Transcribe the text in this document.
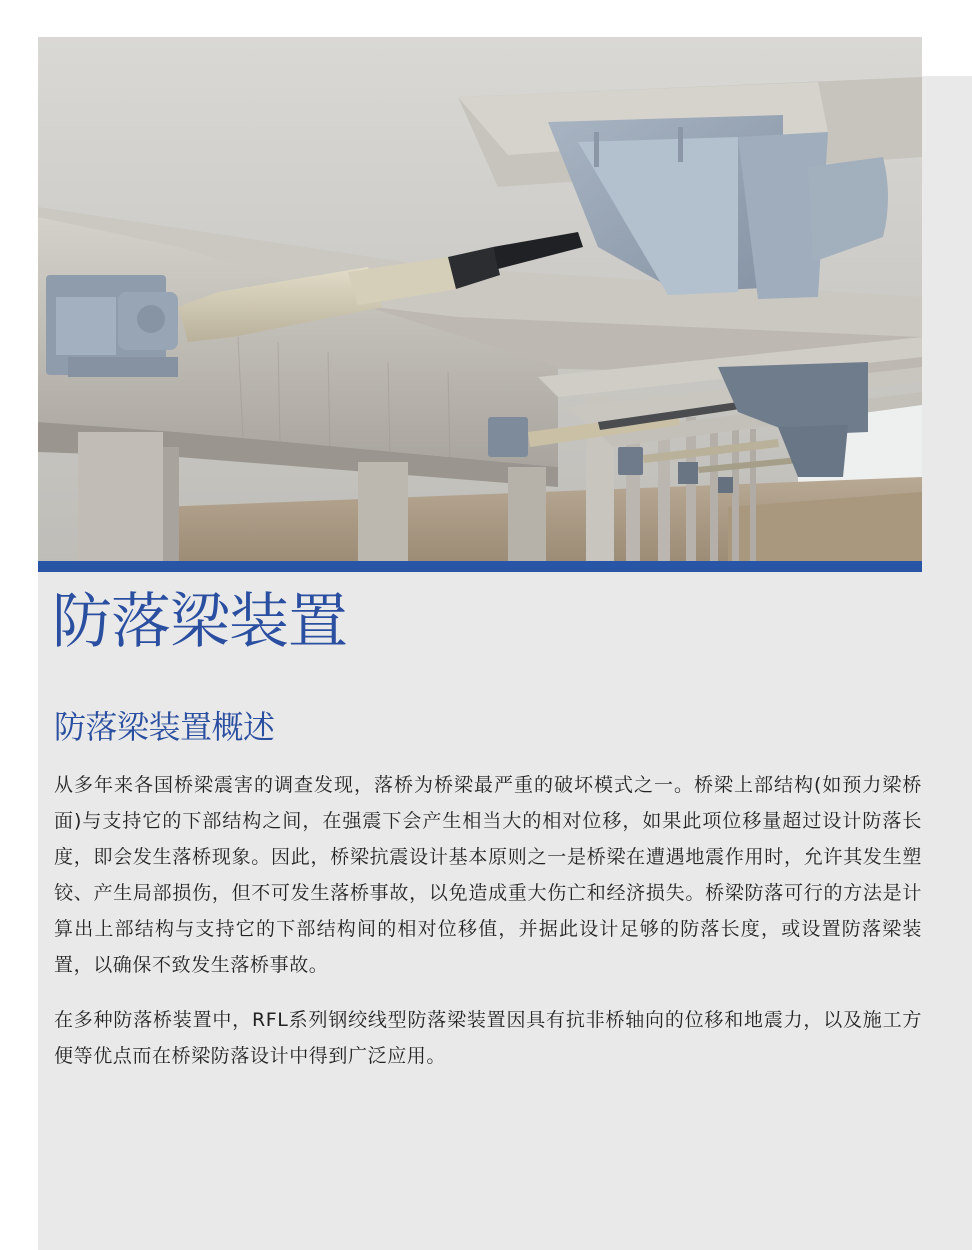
防落梁装置
防落梁装置概述

从多年来各国桥梁震害的调查发现，落桥为桥梁最严重的破坏模式之一。桥梁上部结构(如预力梁桥面)与支持它的下部结构之间，在强震下会产生相当大的相对位移，如果此项位移量超过设计防落长度，即会发生落桥现象。因此，桥梁抗震设计基本原则之一是桥梁在遭遇地震作用时，允许其发生塑铰、产生局部损伤，但不可发生落桥事故，以免造成重大伤亡和经济损失。桥梁防落可行的方法是计算出上部结构与支持它的下部结构间的相对位移值，并据此设计足够的防落长度，或设置防落梁装置，以确保不致发生落桥事故。

在多种防落桥装置中，RFL系列钢绞线型防落梁装置因具有抗非桥轴向的位移和地震力，以及施工方便等优点而在桥梁防落设计中得到广泛应用。
